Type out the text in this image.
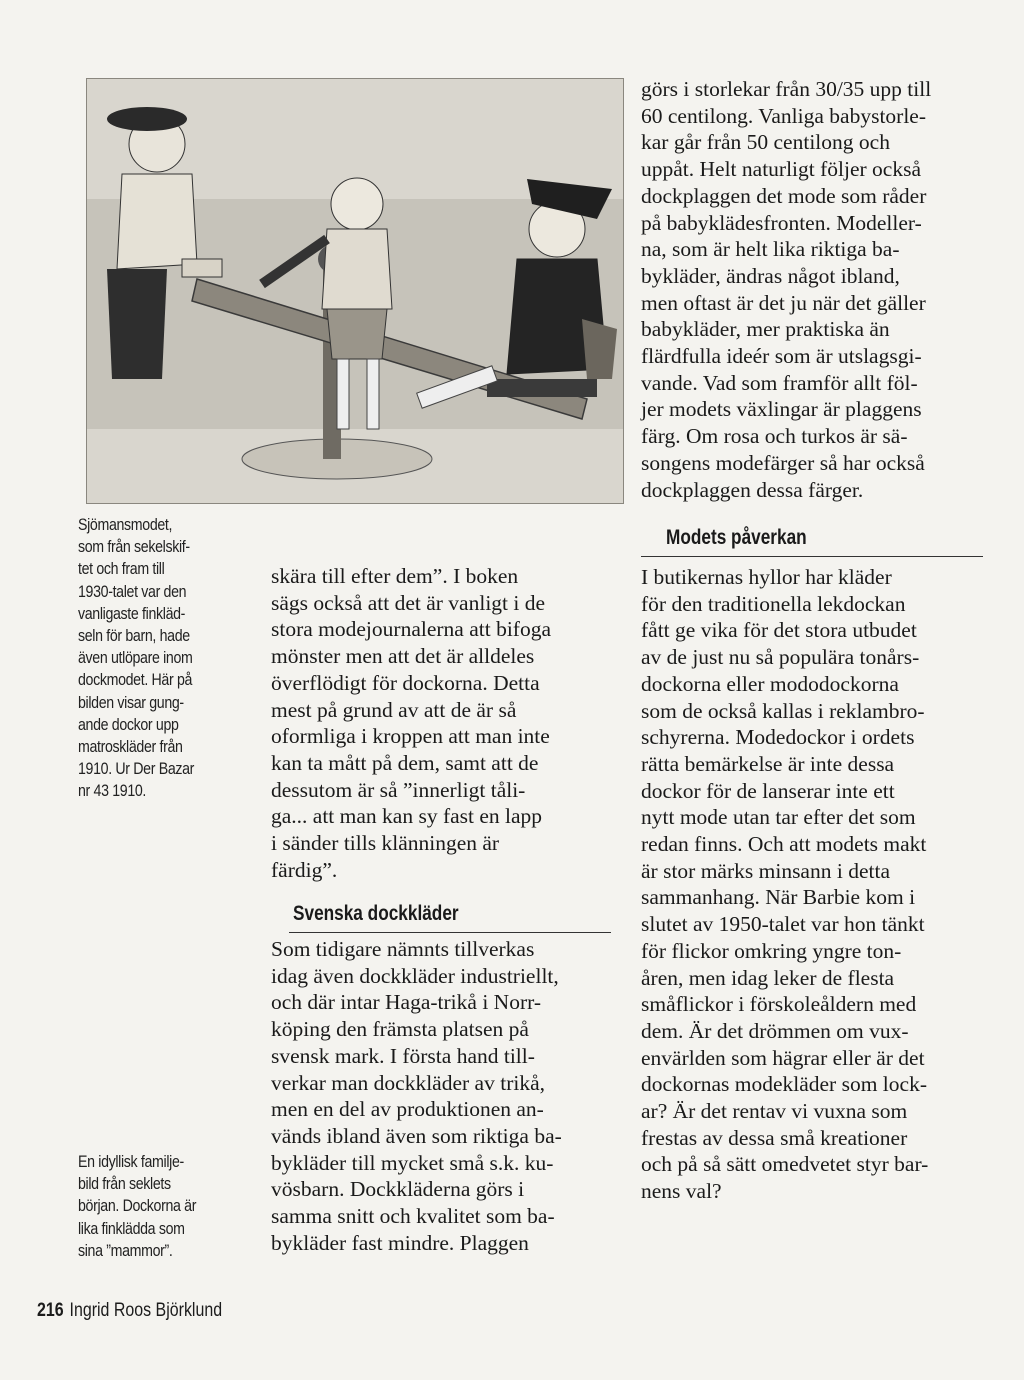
Sjömansmodet,
som från sekelskif-
tet och fram till
1930-talet var den
vanligaste finkläd-
seln för barn, hade
även utlöpare inom
dockmodet. Här på
bilden visar gung-
ande dockor upp
matroskläder från
1910. Ur Der Bazar
nr 43 1910.
En idyllisk familje-
bild från seklets
början. Dockorna är
lika finklädda som
sina ”mammor”.
skära till efter dem”. I boken
sägs också att det är vanligt i de
stora modejournalerna att bifoga
mönster men att det är alldeles
överflödigt för dockorna. Detta
mest på grund av att de är så
oformliga i kroppen att man inte
kan ta mått på dem, samt att de
dessutom är så ”innerligt tåli-
ga... att man kan sy fast en lapp
i sänder tills klänningen är
färdig”.
Svenska dockkläder
Som tidigare nämnts tillverkas
idag även dockkläder industriellt,
och där intar Haga-trikå i Norr-
köping den främsta platsen på
svensk mark. I första hand till-
verkar man dockkläder av trikå,
men en del av produktionen an-
vänds ibland även som riktiga ba-
bykläder till mycket små s.k. ku-
vösbarn. Dockkläderna görs i
samma snitt och kvalitet som ba-
bykläder fast mindre. Plaggen
görs i storlekar från 30/35 upp till
60 centilong. Vanliga babystorle-
kar går från 50 centilong och
uppåt. Helt naturligt följer också
dockplaggen det mode som råder
på babyklädesfronten. Modeller-
na, som är helt lika riktiga ba-
bykläder, ändras något ibland,
men oftast är det ju när det gäller
babykläder, mer praktiska än
flärdfulla ideér som är utslagsgi-
vande. Vad som framför allt föl-
jer modets växlingar är plaggens
färg. Om rosa och turkos är sä-
songens modefärger så har också
dockplaggen dessa färger.
Modets påverkan
I butikernas hyllor har kläder
för den traditionella lekdockan
fått ge vika för det stora utbudet
av de just nu så populära tonårs-
dockorna eller mododockorna
som de också kallas i reklambro-
schyrerna. Modedockor i ordets
rätta bemärkelse är inte dessa
dockor för de lanserar inte ett
nytt mode utan tar efter det som
redan finns. Och att modets makt
är stor märks minsann i detta
sammanhang. När Barbie kom i
slutet av 1950-talet var hon tänkt
för flickor omkring yngre ton-
åren, men idag leker de flesta
småflickor i förskoleåldern med
dem. Är det drömmen om vux-
envärlden som hägrar eller är det
dockornas modekläder som lock-
ar? Är det rentav vi vuxna som
frestas av dessa små kreationer
och på så sätt omedvetet styr bar-
nens val?
216 Ingrid Roos Björklund
